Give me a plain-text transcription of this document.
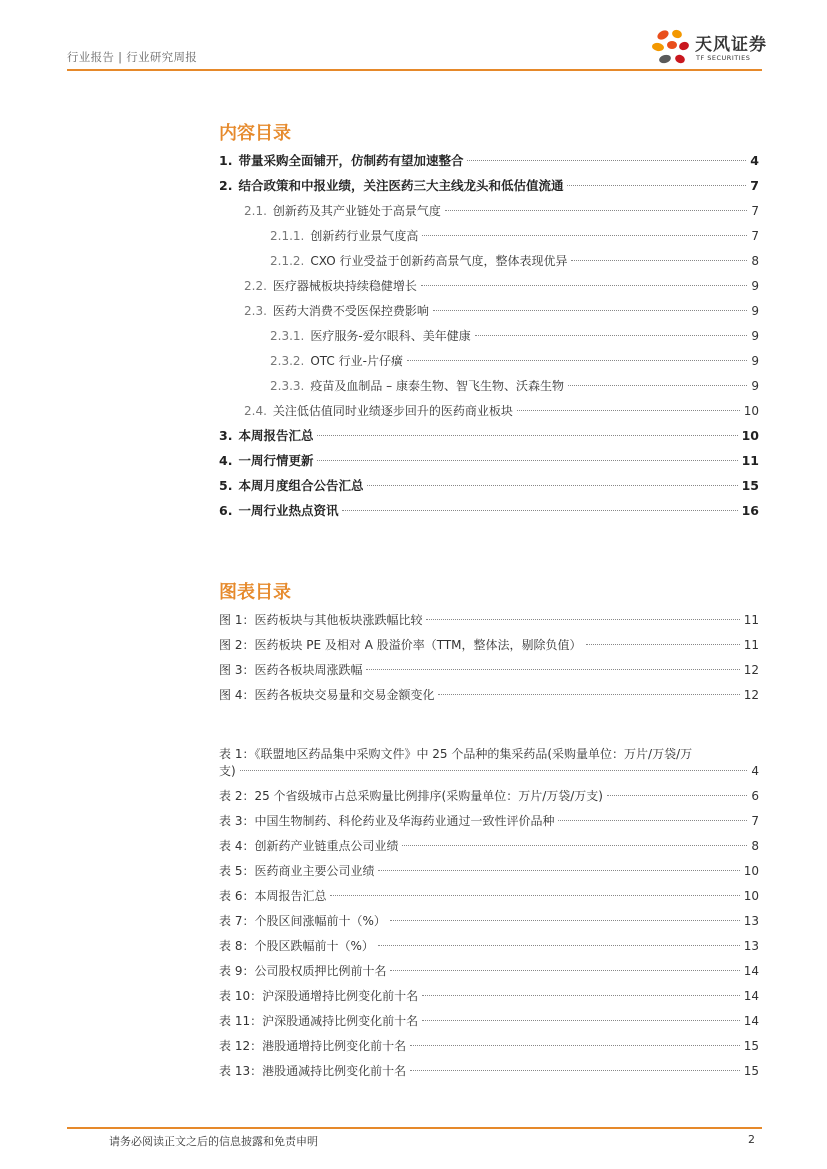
行业报告 | 行业研究周报
天风证券
TF SECURITIES
内容目录
1. 带量采购全面铺开，仿制药有望加速整合	4
2. 结合政策和中报业绩，关注医药三大主线龙头和低估值流通	7
2.1. 创新药及其产业链处于高景气度	7
2.1.1. 创新药行业景气度高	7
2.1.2. CXO 行业受益于创新药高景气度，整体表现优异	8
2.2. 医疗器械板块持续稳健增长	9
2.3. 医药大消费不受医保控费影响	9
2.3.1. 医疗服务-爱尔眼科、美年健康	9
2.3.2. OTC 行业-片仔癀	9
2.3.3. 疫苗及血制品 – 康泰生物、智飞生物、沃森生物	9
2.4. 关注低估值同时业绩逐步回升的医药商业板块	10
3. 本周报告汇总	10
4. 一周行情更新	11
5. 本周月度组合公告汇总	15
6. 一周行业热点资讯	16
图表目录
图 1：医药板块与其他板块涨跌幅比较	11
图 2：医药板块 PE 及相对 A 股溢价率（TTM，整体法，剔除负值）	11
图 3：医药各板块周涨跌幅	12
图 4：医药各板块交易量和交易金额变化	12
表 1：《联盟地区药品集中采购文件》中 25 个品种的集采药品(采购量单位：万片/万袋/万
支)	4
表 2：25 个省级城市占总采购量比例排序(采购量单位：万片/万袋/万支)	6
表 3：中国生物制药、科伦药业及华海药业通过一致性评价品种	7
表 4：创新药产业链重点公司业绩	8
表 5：医药商业主要公司业绩	10
表 6：本周报告汇总	10
表 7：个股区间涨幅前十（%）	13
表 8：个股区跌幅前十（%）	13
表 9：公司股权质押比例前十名	14
表 10：沪深股通增持比例变化前十名	14
表 11：沪深股通减持比例变化前十名	14
表 12：港股通增持比例变化前十名	15
表 13：港股通减持比例变化前十名	15
请务必阅读正文之后的信息披露和免责申明	2
